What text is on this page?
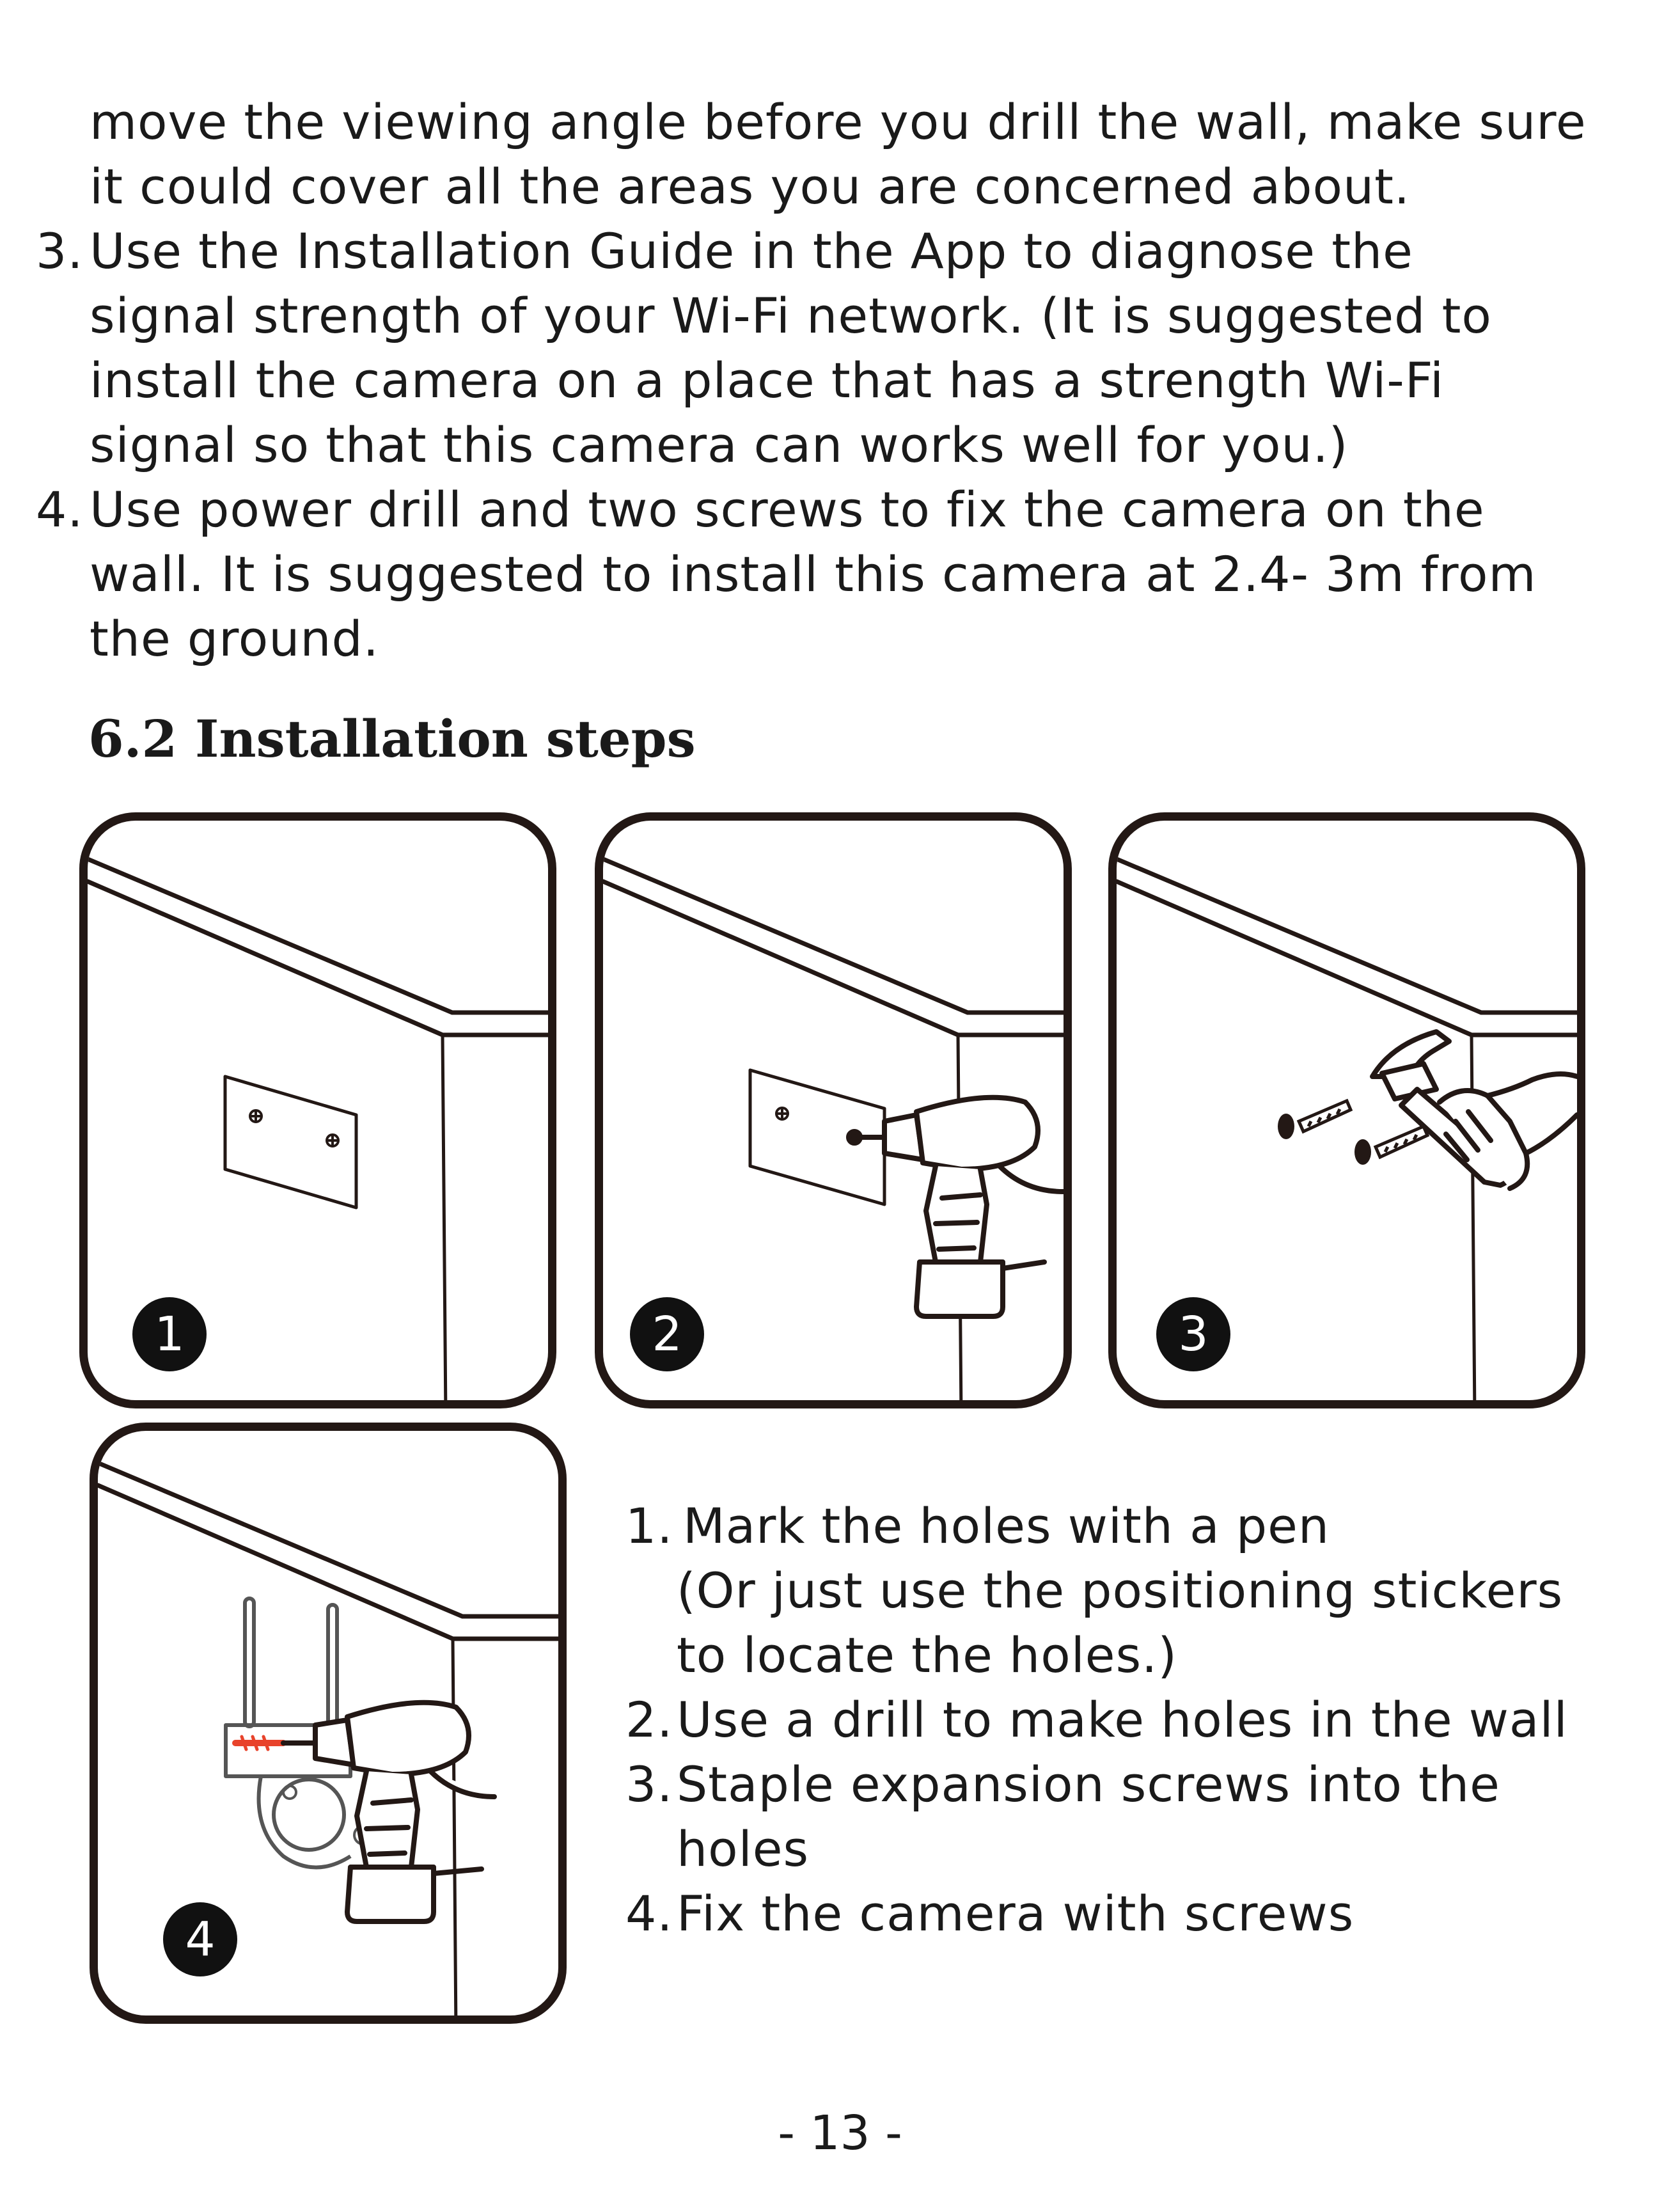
move the viewing angle before you drill the wall, make sure
it could cover all the areas you are concerned about.
3. Use the Installation Guide in the App to diagnose the
signal strength of your Wi-Fi network. (It is suggested to
install the camera on a place that has a strength Wi-Fi
signal so that this camera can works well for you.)
4. Use power drill and two screws to fix the camera on the
wall. It is suggested to install this camera at 2.4- 3m from
the ground.
6.2 Installation steps
1	2	3
4
1. Mark the holes with a pen
(Or just use the positioning stickers
to locate the holes.)
2. Use a drill to make holes in the wall
3. Staple expansion screws into the
holes
4. Fix the camera with screws
- 13 -
